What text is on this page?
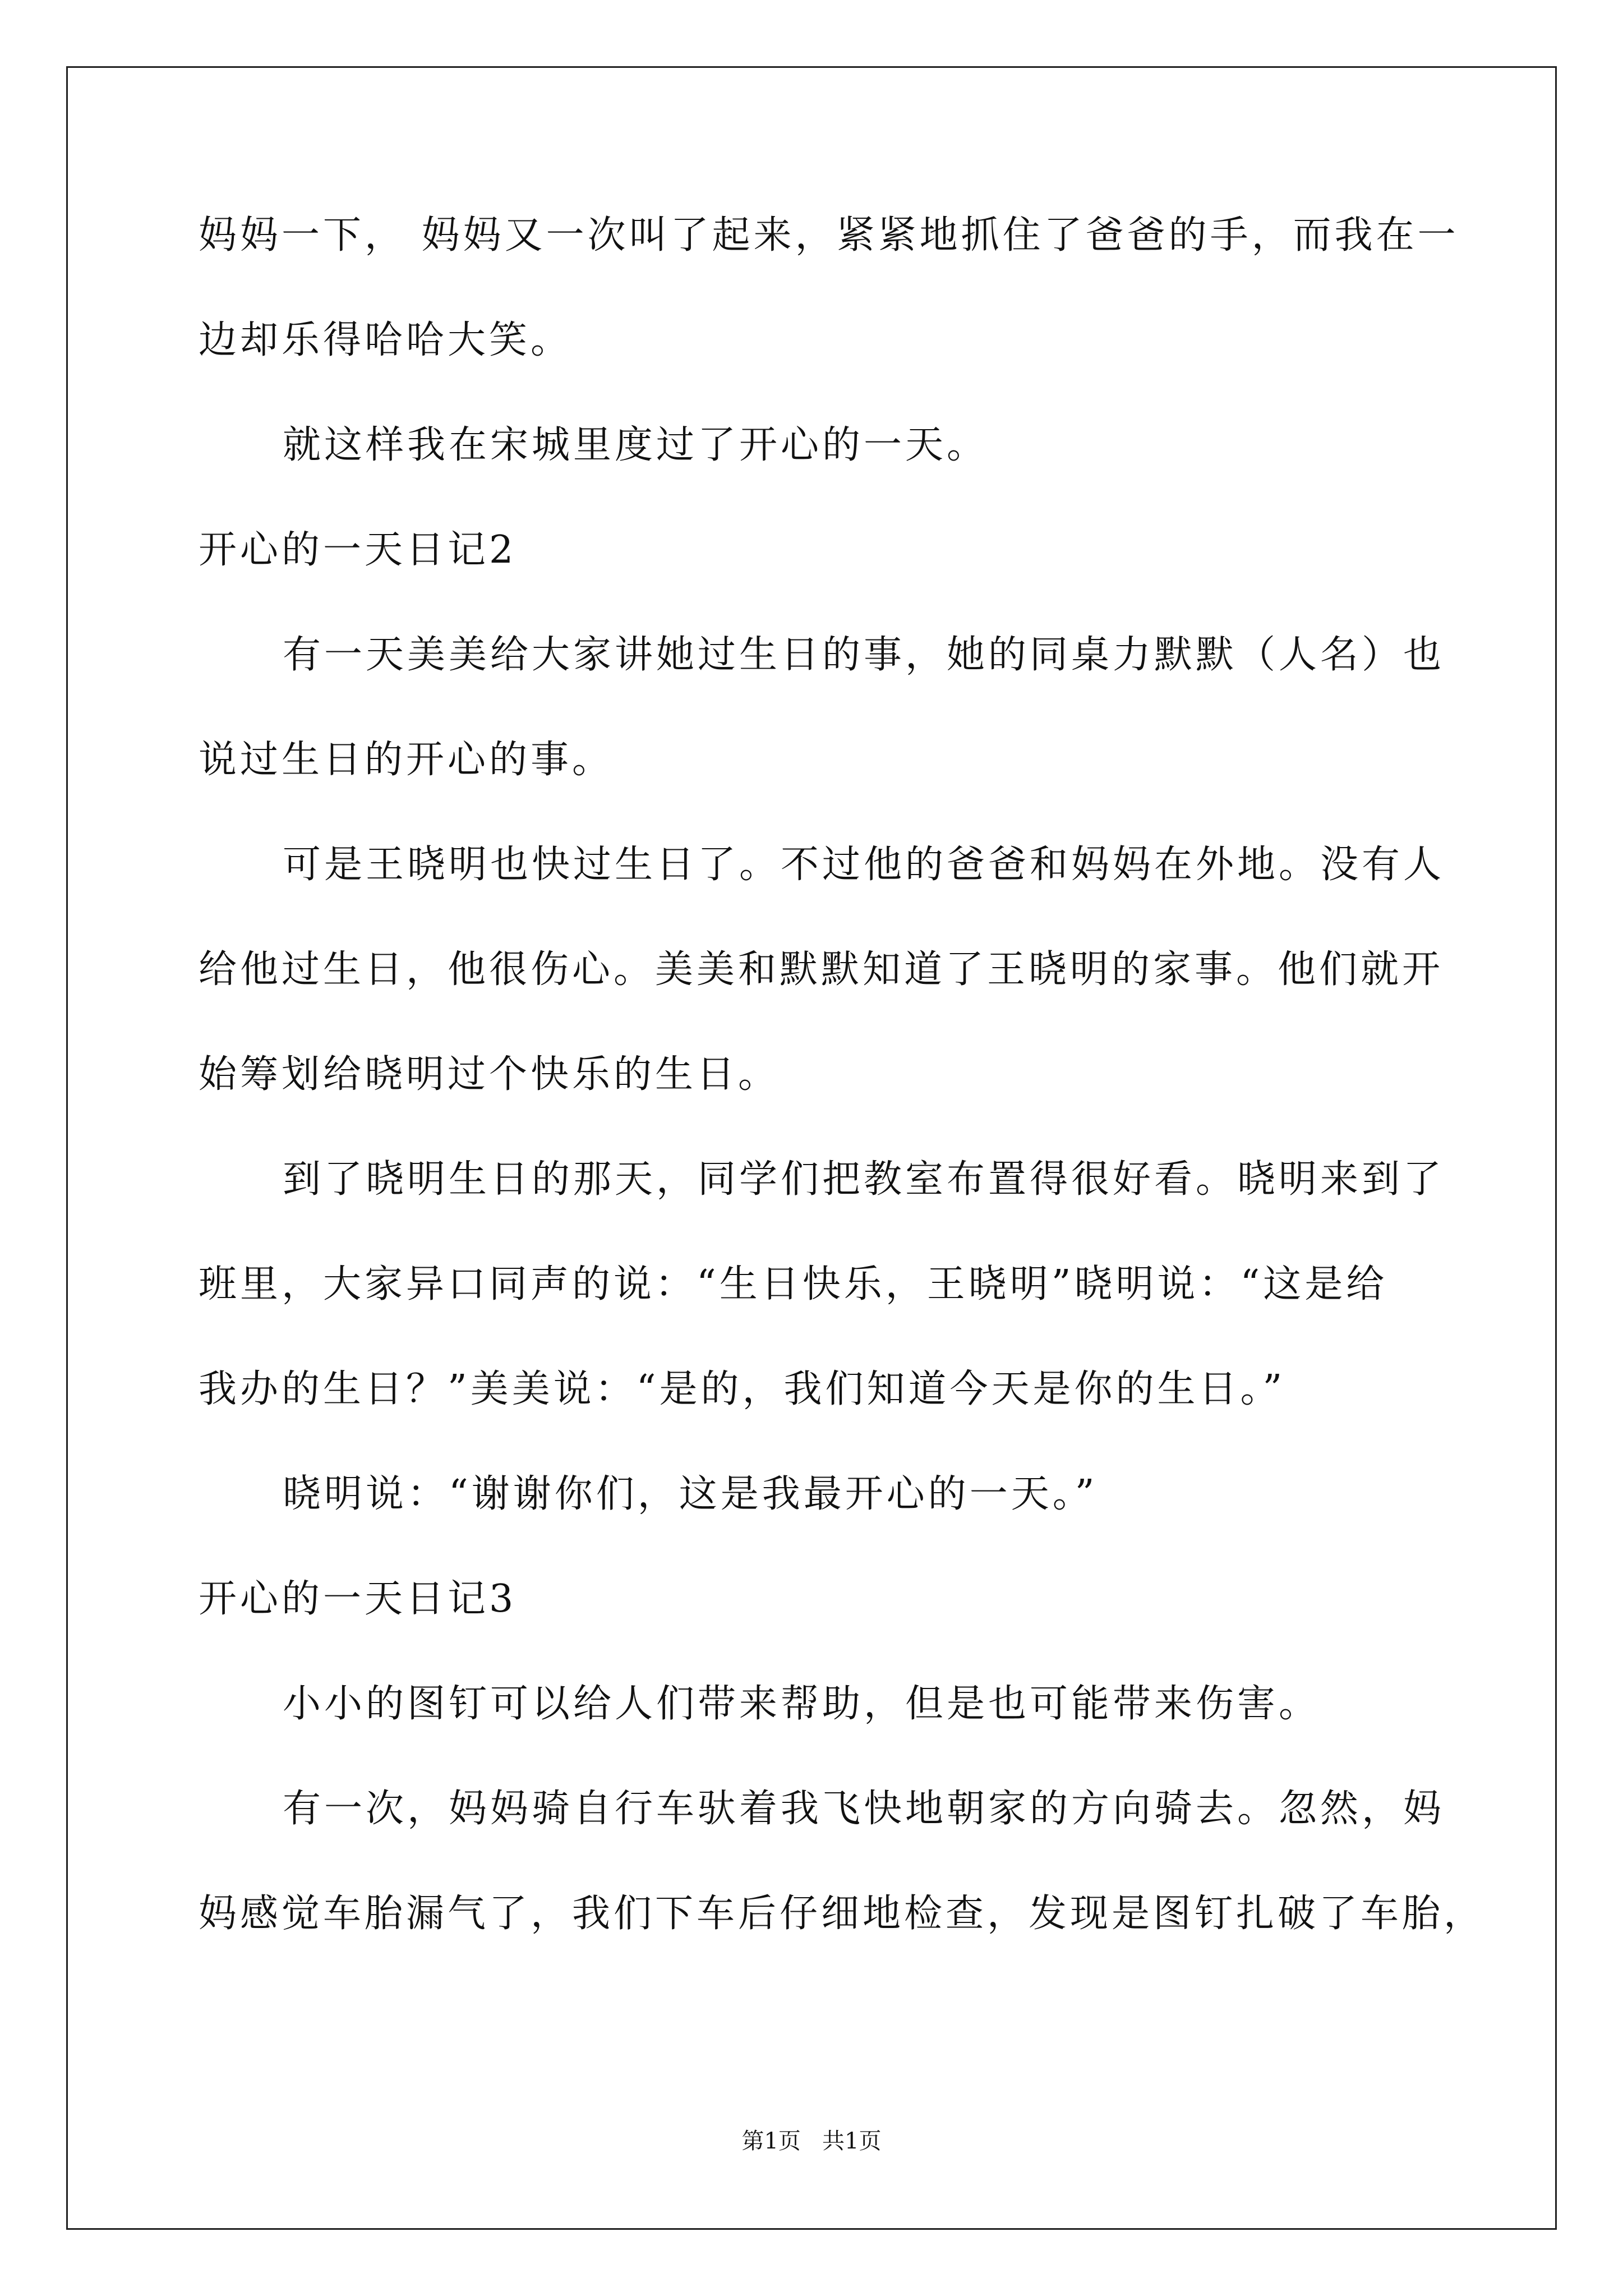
妈妈一下， 妈妈又一次叫了起来，紧紧地抓住了爸爸的手，而我在一
边却乐得哈哈大笑。
就这样我在宋城里度过了开心的一天。
开心的一天日记2
有一天美美给大家讲她过生日的事，她的同桌力默默（人名）也
说过生日的开心的事。
可是王晓明也快过生日了。不过他的爸爸和妈妈在外地。没有人
给他过生日，他很伤心。美美和默默知道了王晓明的家事。他们就开
始筹划给晓明过个快乐的生日。
到了晓明生日的那天，同学们把教室布置得很好看。晓明来到了
班里，大家异口同声的说：“生日快乐，王晓明”晓明说：“这是给
我办的生日？”美美说：“是的，我们知道今天是你的生日。”
晓明说：“谢谢你们，这是我最开心的一天。”
开心的一天日记3
小小的图钉可以给人们带来帮助，但是也可能带来伤害。
有一次，妈妈骑自行车驮着我飞快地朝家的方向骑去。忽然，妈
妈感觉车胎漏气了，我们下车后仔细地检查，发现是图钉扎破了车胎，
第1页   共1页
